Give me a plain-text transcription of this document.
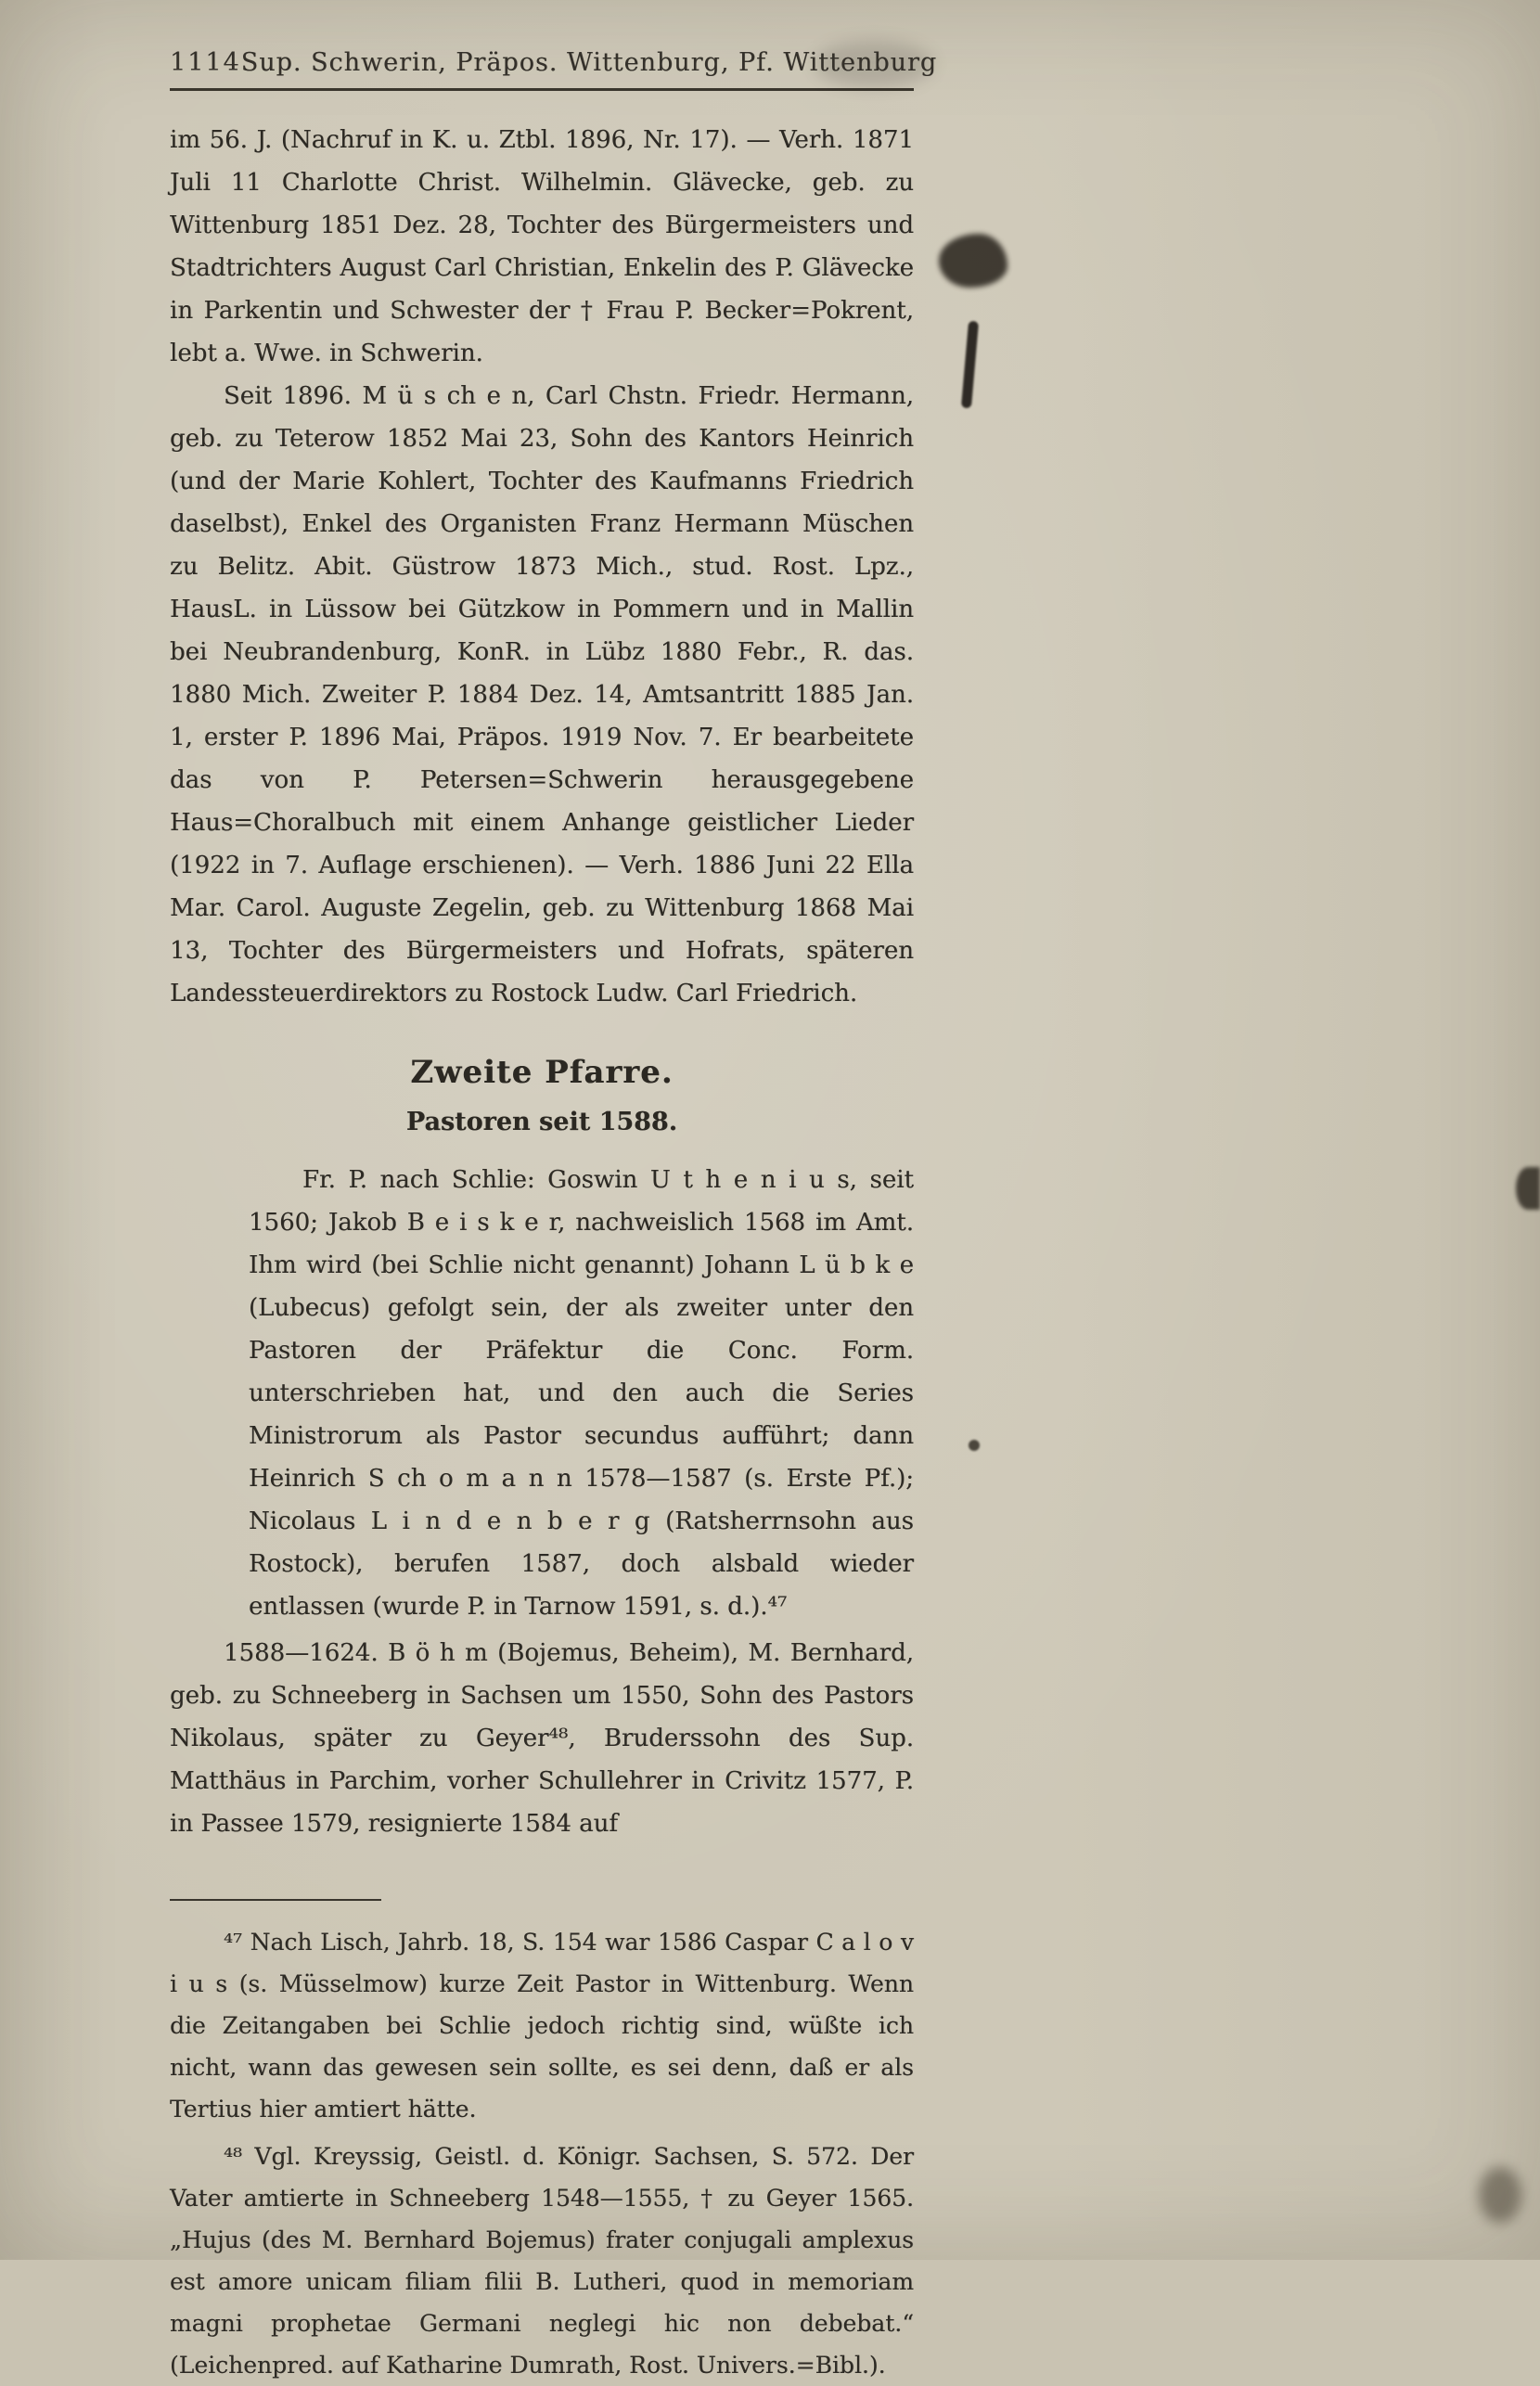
1114 Sup. Schwerin, Präpos. Wittenburg, Pf. Wittenburg

im 56. J. (Nachruf in K. u. Ztbl. 1896, Nr. 17). — Verh. 1871 Juli 11 Charlotte Christ. Wilhelmin. Glävecke, geb. zu Wittenburg 1851 Dez. 28, Tochter des Bürgermeisters und Stadtrichters August Carl Christian, Enkelin des P. Glävecke in Parkentin und Schwester der † Frau P. Becker=Pokrent, lebt a. Wwe. in Schwerin.

Seit 1896. M ü s ch e n, Carl Chstn. Friedr. Hermann, geb. zu Teterow 1852 Mai 23, Sohn des Kantors Heinrich (und der Marie Kohlert, Tochter des Kaufmanns Friedrich daselbst), Enkel des Organisten Franz Hermann Müschen zu Belitz. Abit. Güstrow 1873 Mich., stud. Rost. Lpz., HausL. in Lüssow bei Gützkow in Pommern und in Mallin bei Neubrandenburg, KonR. in Lübz 1880 Febr., R. das. 1880 Mich. Zweiter P. 1884 Dez. 14, Amtsantritt 1885 Jan. 1, erster P. 1896 Mai, Präpos. 1919 Nov. 7. Er bearbeitete das von P. Petersen=Schwerin herausgegebene Haus=Choralbuch mit einem Anhange geistlicher Lieder (1922 in 7. Auflage erschienen). — Verh. 1886 Juni 22 Ella Mar. Carol. Auguste Zegelin, geb. zu Wittenburg 1868 Mai 13, Tochter des Bürgermeisters und Hofrats, späteren Landessteuerdirektors zu Rostock Ludw. Carl Friedrich.

Zweite Pfarre.
Pastoren seit 1588.

Fr. P. nach Schlie: Goswin U t h e n i u s, seit 1560; Jakob B e i s k e r, nachweislich 1568 im Amt. Ihm wird (bei Schlie nicht genannt) Johann L ü b k e (Lubecus) gefolgt sein, der als zweiter unter den Pastoren der Präfektur die Conc. Form. unterschrieben hat, und den auch die Series Ministrorum als Pastor secundus aufführt; dann Heinrich S ch o m a n n 1578—1587 (s. Erste Pf.); Nicolaus L i n d e n b e r g (Ratsherrnsohn aus Rostock), berufen 1587, doch alsbald wieder entlassen (wurde P. in Tarnow 1591, s. d.).⁴⁷

1588—1624. B ö h m (Bojemus, Beheim), M. Bernhard, geb. zu Schneeberg in Sachsen um 1550, Sohn des Pastors Nikolaus, später zu Geyer⁴⁸, Bruderssohn des Sup. Matthäus in Parchim, vorher Schullehrer in Crivitz 1577, P. in Passee 1579, resignierte 1584 auf

⁴⁷ Nach Lisch, Jahrb. 18, S. 154 war 1586 Caspar C a l o v i u s (s. Müsselmow) kurze Zeit Pastor in Wittenburg. Wenn die Zeitangaben bei Schlie jedoch richtig sind, wüßte ich nicht, wann das gewesen sein sollte, es sei denn, daß er als Tertius hier amtiert hätte.

⁴⁸ Vgl. Kreyssig, Geistl. d. Königr. Sachsen, S. 572. Der Vater amtierte in Schneeberg 1548—1555, † zu Geyer 1565. „Hujus (des M. Bernhard Bojemus) frater conjugali amplexus est amore unicam filiam filii B. Lutheri, quod in memoriam magni prophetae Germani neglegi hic non debebat.“ (Leichenpred. auf Katharine Dumrath, Rost. Univers.=Bibl.).
